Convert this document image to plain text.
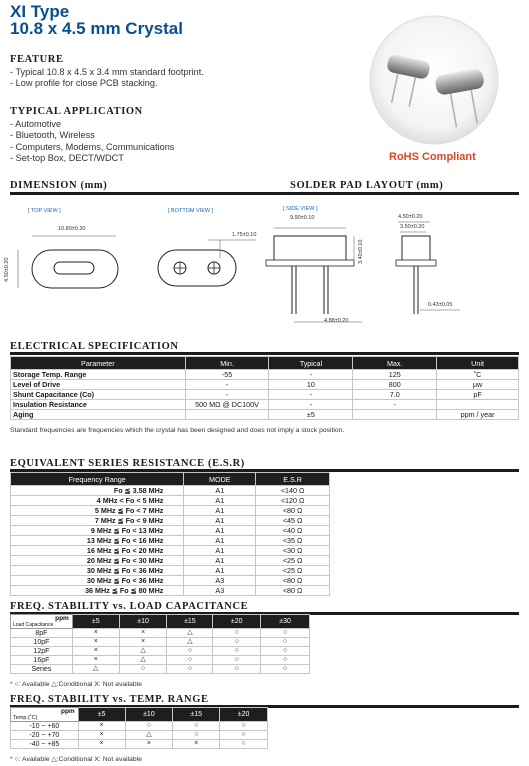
XI Type
10.8 x 4.5 mm Crystal
FEATURE
- Typical 10.8 x 4.5 x 3.4 mm standard footprint.
- Low profile for close PCB stacking.
TYPICAL APPLICATION
- Automotive
- Bluetooth, Wireless
- Computers, Modems, Communications
- Set-top Box, DECT/WDCT	RoHS Compliant
DIMENSION (mm)	SOLDER PAD LAYOUT (mm)
[ TOP VIEW ]	[ BOTTOM VIEW ]	[ SIDE VIEW ]
10.80±0.20
4.50±0.20
1.75±0.10
9.90±0.10
3.40±0.10
4.88±0.20
4.50±0.20
3.50±0.20
0.43±0.05
ELECTRICAL SPECIFICATION
Parameter	Min.	Typical	Max.	Unit
Storage Temp. Range	-55	-	125	˚C
Level of Drive	-	10	800	μw
Shunt Capacitance (Co)	-	-	7.0	pF
Insulation Resistance	500 MΩ @ DC100V	-	-	
Aging		±5		ppm / year
Standard frequencies are frequencies which the crystal has been designed and does not imply a stock position.
EQUIVALENT SERIES RESISTANCE (E.S.R)
Frequency Range	MODE	E.S.R
Fo ≦ 3.58 MHz	A1	<140 Ω
4 MHz < Fo < 5 MHz	A1	<120 Ω
5 MHz ≦ Fo < 7 MHz	A1	<80 Ω
7 MHz ≦ Fo < 9 MHz	A1	<45 Ω
9 MHz ≦ Fo < 13 MHz	A1	<40 Ω
13 MHz ≦ Fo < 16 MHz	A1	<35 Ω
16 MHz ≦ Fo < 20 MHz	A1	<30 Ω
20 MHz ≦ Fo < 30 MHz	A1	<25 Ω
30 MHz ≦ Fo < 36 MHz	A1	<25 Ω
30 MHz ≦ Fo < 36 MHz	A3	<80 Ω
36 MHz ≦ Fo ≦ 80 MHz	A3	<80 Ω
FREQ. STABILITY vs. LOAD CAPACITANCE
ppm
Load Capacitance	±5	±10	±15	±20	±30
8pF	×	×	△	○	○
10pF	×	×	△	○	○
12pF	×	△	○	○	○
16pF	×	△	○	○	○
Series	△	○	○	○	○
* ○: Available △:Conditional X: Not available
FREQ. STABILITY vs. TEMP. RANGE
ppm
Temp.(˚C)	±5	±10	±15	±20
-10 ~ +60	×	○	○	○
-20 ~ +70	×	△	○	○
-40 ~ +85	×	×	×	○
* ○: Available △:Conditional X: Not available
